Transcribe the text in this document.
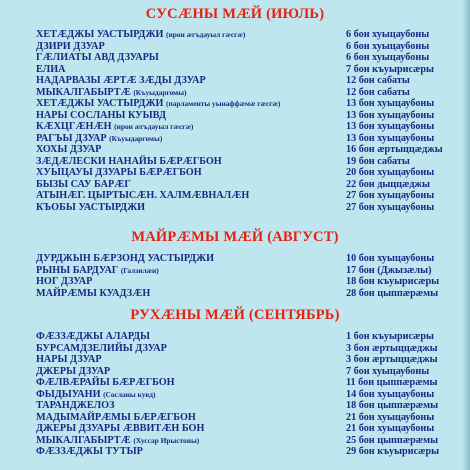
СУСÆНЫ МÆЙ (ИЮЛЬ)
ХЕТÆДЖЫ УАСТЫРДЖИ (ирон æгъдауыл гæсгæ)	6 бон хуыцаубоны
ДЗИРИ ДЗУАР	6 бон хуыцаубоны
ГÆЛИАТЫ АВД ДЗУАРЫ	6 бон хуыцаубоны
ЕЛИА	7 бон къуырисæры
НАДАРВАЗЫ ÆРТÆ ЗÆДЫ ДЗУАР	12 бон сабаты
МЫКАЛГАБЫРТÆ (Къуыдаргомы)	12 бон сабаты
ХЕТÆДЖЫ УАСТЫРДЖИ (парламенты уынаффæмæ гæсгæ)	13 бон хуыцаубоны
НАРЫ СОСЛАНЫ КУЫВД	13 бон хуыцаубоны
КÆХЦГÆНÆН (ирон æгъдауыл гæсгæ)	13 бон хуыцаубоны
РАГЪЫ ДЗУАР (Къуыдаргомы)	13 бон хуыцаубоны
ХОХЫ ДЗУАР	16 бон æртыццæджы
ЗÆДÆЛЕСКИ НАНАЙЫ БÆРÆГБОН	19 бон сабаты
ХУЫЦАУЫ ДЗУАРЫ БÆРÆГБОН	20 бон хуыцаубоны
БЫЗЫ САУ БАРÆГ	22 бон дыццæджы
АТЫНÆГ. ЦЫРТЫСÆН. ХАЛМÆВНАЛÆН	27 бон хуыцаубоны
КЪОБЫ УАСТЫРДЖИ	27 бон хуыцаубоны
МАЙРÆМЫ МÆЙ (АВГУСТ)
ДУРДЖЫН БÆРЗОНД УАСТЫРДЖИ	10 бон хуыцаубоны
РЫНЫ БАРДУАГ (Галзилæн)	17 бон (Джызæлы)
НОГ ДЗУАР	18 бон къуырисæры
МАЙРÆМЫ КУАДЗÆН	28 бон цыппæрæмы
РУХÆНЫ МÆЙ (СЕНТЯБРЬ)
ФÆЗЗÆДЖЫ АЛАРДЫ	1 бон къуырисæры
БУРСАМДЗЕЛИЙЫ ДЗУАР	3 бон æртыццæджы
НАРЫ ДЗУАР	3 бон æртыццæджы
ДЖЕРЫ ДЗУАР	7 бон хуыцаубоны
ФÆЛВÆРАЙЫ БÆРÆГБОН	11 бон цыппæрæмы
ФЫДЫУАНИ (Сосланы кувд)	14 бон хуыцаубоны
ТАРАНДЖЕЛОЗ	18 бон цыппæрæмы
МАДЫМАЙРÆМЫ БÆРÆГБОН	21 бон хуыцаубоны
ДЖЕРЫ ДЗУАРЫ ÆВВИТÆН БОН	21 бон хуыцаубоны
МЫКАЛГАБЫРТÆ (Хуссар Ирыстоны)	25 бон цыппæрæмы
ФÆЗЗÆДЖЫ ТУТЫР	29 бон къуырисæры
